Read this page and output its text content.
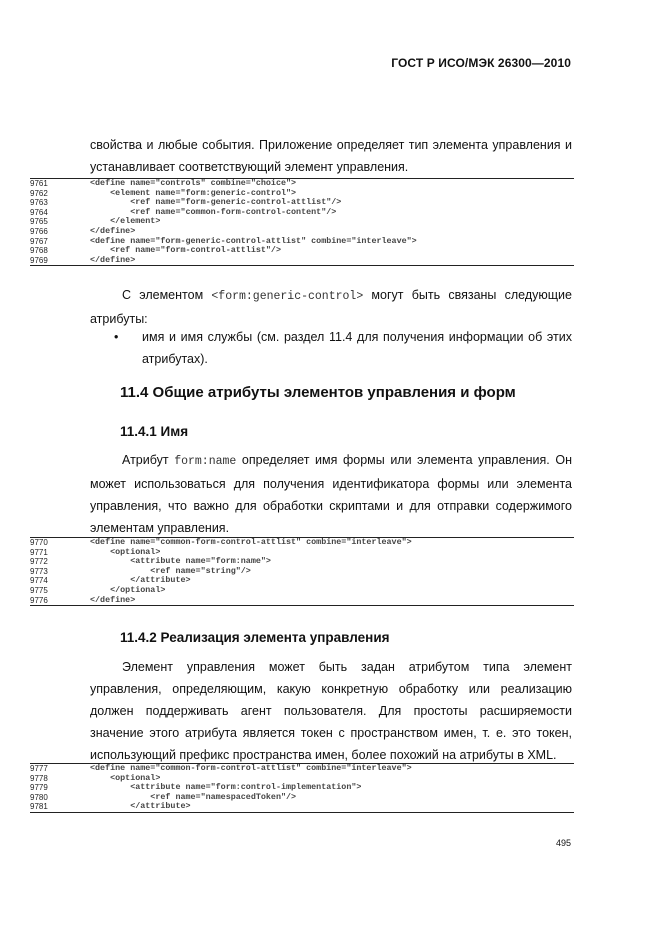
ГОСТ Р ИСО/МЭК 26300—2010
свойства и любые события. Приложение определяет тип элемента управления и устанавливает соответствующий элемент управления.
9761	<define name="controls" combine="choice">
9762	<element name="form:generic-control">
9763	<ref name="form-generic-control-attlist"/>
9764	<ref name="common-form-control-content"/>
9765	</element>
9766	</define>
9767	<define name="form-generic-control-attlist" combine="interleave">
9768	<ref name="form-control-attlist"/>
9769	</define>
С элементом <form:generic-control> могут быть связаны следующие атрибуты:
• имя и имя службы (см. раздел 11.4 для получения информации об этих атрибутах).
11.4 Общие атрибуты элементов управления и форм
11.4.1 Имя
Атрибут form:name определяет имя формы или элемента управления. Он может использоваться для получения идентификатора формы или элемента управления, что важно для обработки скриптами и для отправки содержимого элементам управления.
9770	<define name="common-form-control-attlist" combine="interleave">
9771	<optional>
9772	<attribute name="form:name">
9773	<ref name="string"/>
9774	</attribute>
9775	</optional>
9776	</define>
11.4.2 Реализация элемента управления
Элемент управления может быть задан атрибутом типа элемент управления, определяющим, какую конкретную обработку или реализацию должен поддерживать агент пользователя. Для простоты расширяемости значение этого атрибута является токен с пространством имен, т. е. это токен, использующий префикс пространства имен, более похожий на атрибуты в XML.
9777	<define name="common-form-control-attlist" combine="interleave">
9778	<optional>
9779	<attribute name="form:control-implementation">
9780	<ref name="namespacedToken"/>
9781	</attribute>
495
